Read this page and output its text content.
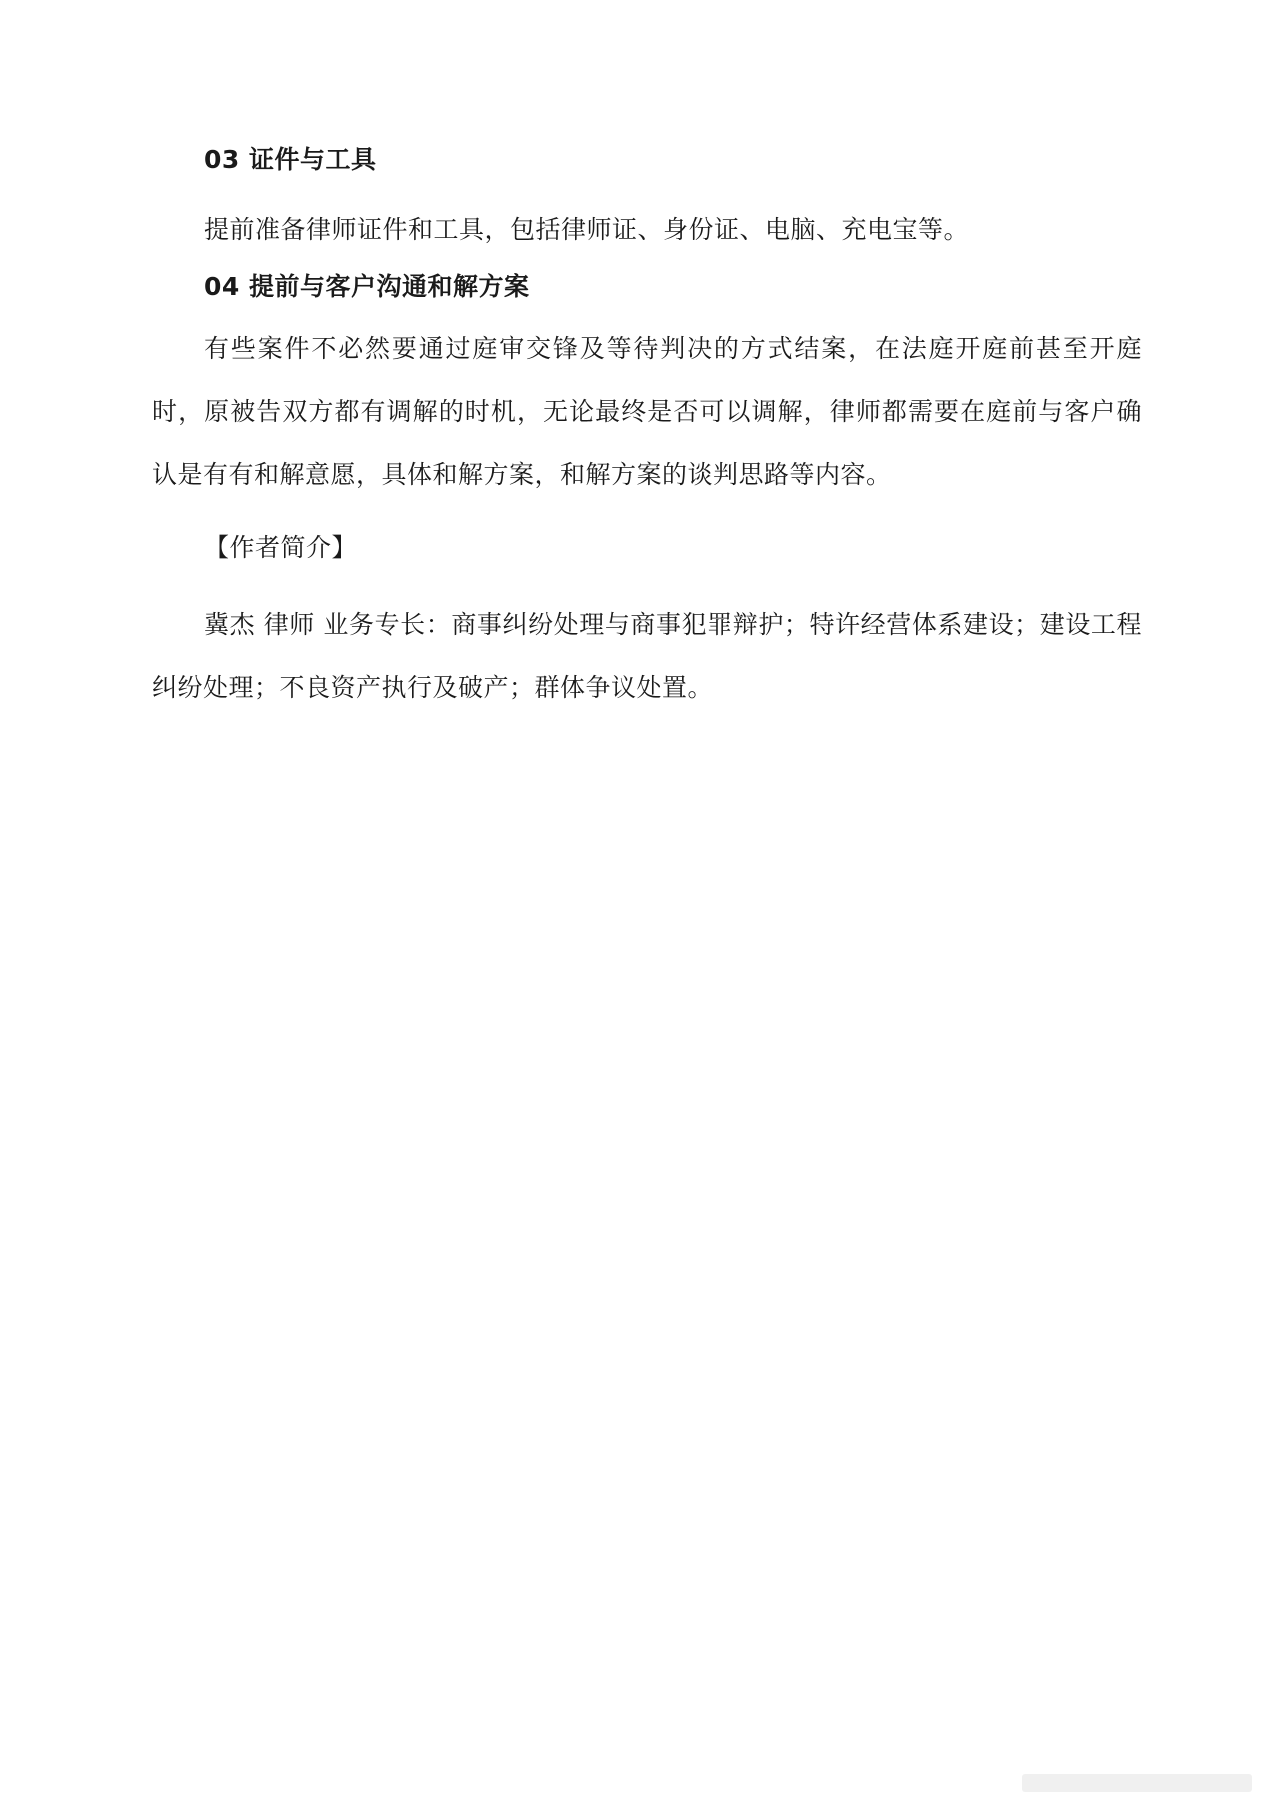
03 证件与工具

提前准备律师证件和工具，包括律师证、身份证、电脑、充电宝等。

04 提前与客户沟通和解方案

有些案件不必然要通过庭审交锋及等待判决的方式结案，在法庭开庭前甚至开庭时，原被告双方都有调解的时机，无论最终是否可以调解，律师都需要在庭前与客户确认是有有和解意愿，具体和解方案，和解方案的谈判思路等内容。

【作者简介】

冀杰 律师 业务专长：商事纠纷处理与商事犯罪辩护；特许经营体系建设；建设工程纠纷处理；不良资产执行及破产；群体争议处置。
